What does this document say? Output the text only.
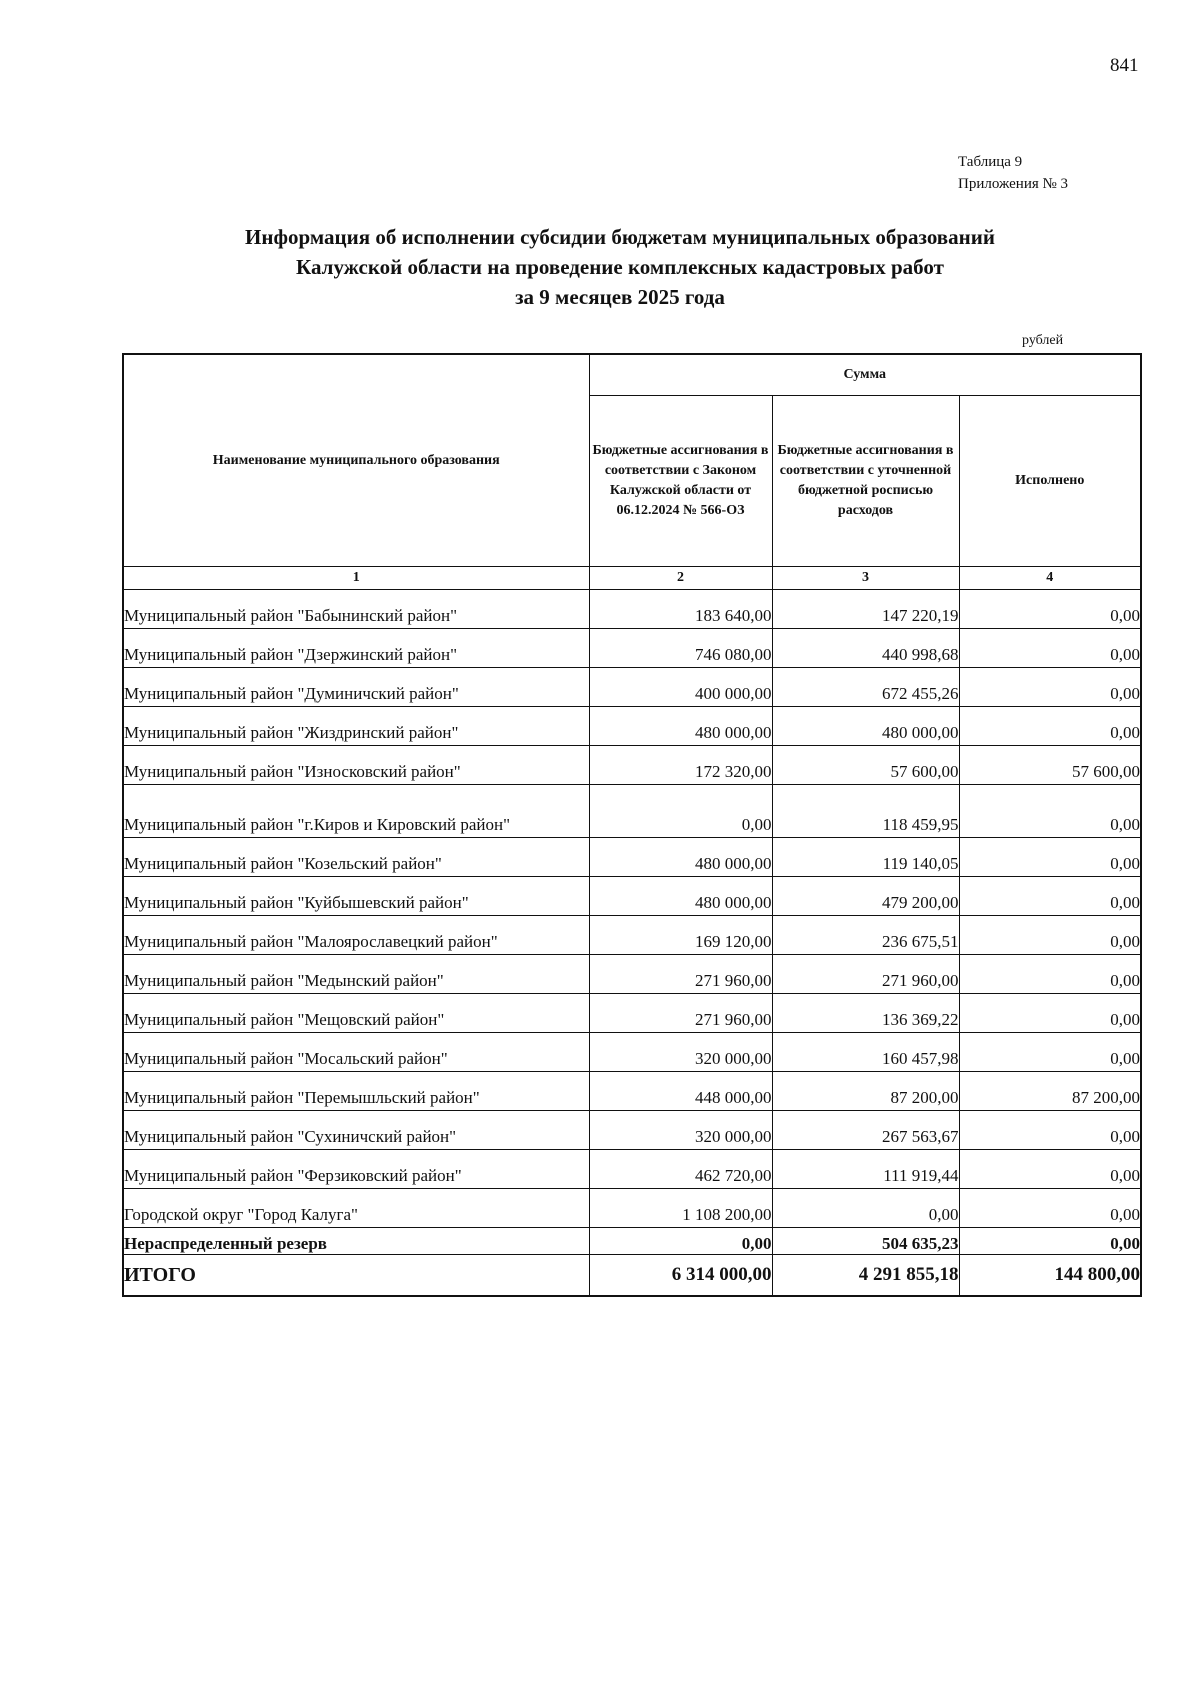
841
Таблица 9
Приложения № 3
Информация об исполнении субсидии бюджетам муниципальных образований
Калужской области на проведение комплексных кадастровых работ
за 9 месяцев 2025 года
рублей
Наименование муниципального образования	Сумма		
	Бюджетные ассигнования в соответствии с Законом Калужской области от 06.12.2024 № 566-ОЗ	Бюджетные ассигнования в соответствии с уточненной бюджетной росписью расходов	Исполнено
1	2	3	4
Муниципальный район "Бабынинский район"	183 640,00	147 220,19	0,00
Муниципальный район "Дзержинский район"	746 080,00	440 998,68	0,00
Муниципальный район "Думиничский район"	400 000,00	672 455,26	0,00
Муниципальный район "Жиздринский район"	480 000,00	480 000,00	0,00
Муниципальный район "Износковский район"	172 320,00	57 600,00	57 600,00
Муниципальный район "г.Киров и Кировский район"	0,00	118 459,95	0,00
Муниципальный район "Козельский район"	480 000,00	119 140,05	0,00
Муниципальный район "Куйбышевский район"	480 000,00	479 200,00	0,00
Муниципальный район "Малоярославецкий район"	169 120,00	236 675,51	0,00
Муниципальный район "Медынский район"	271 960,00	271 960,00	0,00
Муниципальный район "Мещовский район"	271 960,00	136 369,22	0,00
Муниципальный район "Мосальский район"	320 000,00	160 457,98	0,00
Муниципальный район "Перемышльский район"	448 000,00	87 200,00	87 200,00
Муниципальный район "Сухиничский район"	320 000,00	267 563,67	0,00
Муниципальный район "Ферзиковский район"	462 720,00	111 919,44	0,00
Городской округ "Город Калуга"	1 108 200,00	0,00	0,00
Нераспределенный резерв	0,00	504 635,23	0,00
ИТОГО	6 314 000,00	4 291 855,18	144 800,00
